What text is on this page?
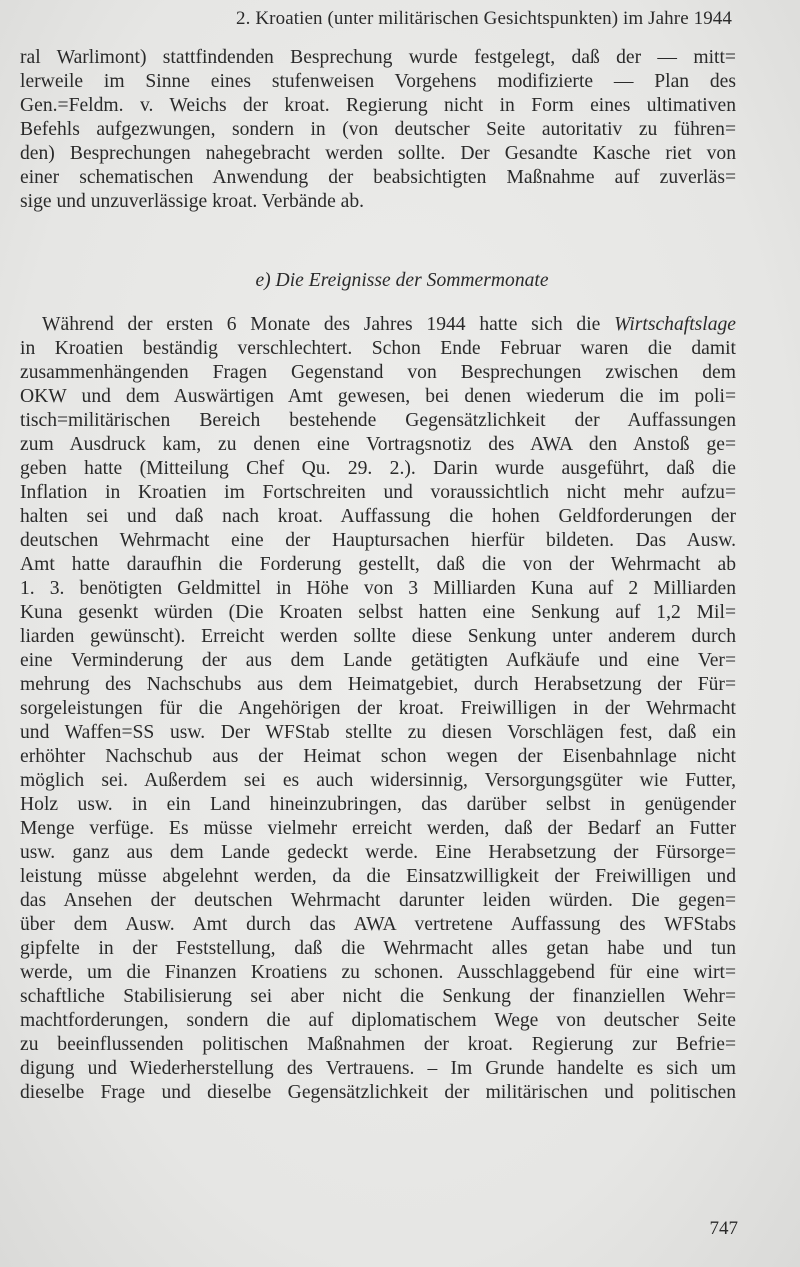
2. Kroatien (unter militärischen Gesichtspunkten) im Jahre 1944
ral Warlimont) stattfindenden Besprechung wurde festgelegt, daß der — mitt=
lerweile im Sinne eines stufenweisen Vorgehens modifizierte — Plan des
Gen.=Feldm. v. Weichs der kroat. Regierung nicht in Form eines ultimativen
Befehls aufgezwungen, sondern in (von deutscher Seite autoritativ zu führen=
den) Besprechungen nahegebracht werden sollte. Der Gesandte Kasche riet von
einer schematischen Anwendung der beabsichtigten Maßnahme auf zuverläs=
sige und unzuverlässige kroat. Verbände ab.
e) Die Ereignisse der Sommermonate
Während der ersten 6 Monate des Jahres 1944 hatte sich die Wirtschaftslage
in Kroatien beständig verschlechtert. Schon Ende Februar waren die damit
zusammenhängenden Fragen Gegenstand von Besprechungen zwischen dem
OKW und dem Auswärtigen Amt gewesen, bei denen wiederum die im poli=
tisch=militärischen Bereich bestehende Gegensätzlichkeit der Auffassungen
zum Ausdruck kam, zu denen eine Vortragsnotiz des AWA den Anstoß ge=
geben hatte (Mitteilung Chef Qu. 29. 2.). Darin wurde ausgeführt, daß die
Inflation in Kroatien im Fortschreiten und voraussichtlich nicht mehr aufzu=
halten sei und daß nach kroat. Auffassung die hohen Geldforderungen der
deutschen Wehrmacht eine der Hauptursachen hierfür bildeten. Das Ausw.
Amt hatte daraufhin die Forderung gestellt, daß die von der Wehrmacht ab
1. 3. benötigten Geldmittel in Höhe von 3 Milliarden Kuna auf 2 Milliarden
Kuna gesenkt würden (Die Kroaten selbst hatten eine Senkung auf 1,2 Mil=
liarden gewünscht). Erreicht werden sollte diese Senkung unter anderem durch
eine Verminderung der aus dem Lande getätigten Aufkäufe und eine Ver=
mehrung des Nachschubs aus dem Heimatgebiet, durch Herabsetzung der Für=
sorgeleistungen für die Angehörigen der kroat. Freiwilligen in der Wehrmacht
und Waffen=SS usw. Der WFStab stellte zu diesen Vorschlägen fest, daß ein
erhöhter Nachschub aus der Heimat schon wegen der Eisenbahnlage nicht
möglich sei. Außerdem sei es auch widersinnig, Versorgungsgüter wie Futter,
Holz usw. in ein Land hineinzubringen, das darüber selbst in genügender
Menge verfüge. Es müsse vielmehr erreicht werden, daß der Bedarf an Futter
usw. ganz aus dem Lande gedeckt werde. Eine Herabsetzung der Fürsorge=
leistung müsse abgelehnt werden, da die Einsatzwilligkeit der Freiwilligen und
das Ansehen der deutschen Wehrmacht darunter leiden würden. Die gegen=
über dem Ausw. Amt durch das AWA vertretene Auffassung des WFStabs
gipfelte in der Feststellung, daß die Wehrmacht alles getan habe und tun
werde, um die Finanzen Kroatiens zu schonen. Ausschlaggebend für eine wirt=
schaftliche Stabilisierung sei aber nicht die Senkung der finanziellen Wehr=
machtforderungen, sondern die auf diplomatischem Wege von deutscher Seite
zu beeinflussenden politischen Maßnahmen der kroat. Regierung zur Befrie=
digung und Wiederherstellung des Vertrauens. – Im Grunde handelte es sich um
dieselbe Frage und dieselbe Gegensätzlichkeit der militärischen und politischen
747
